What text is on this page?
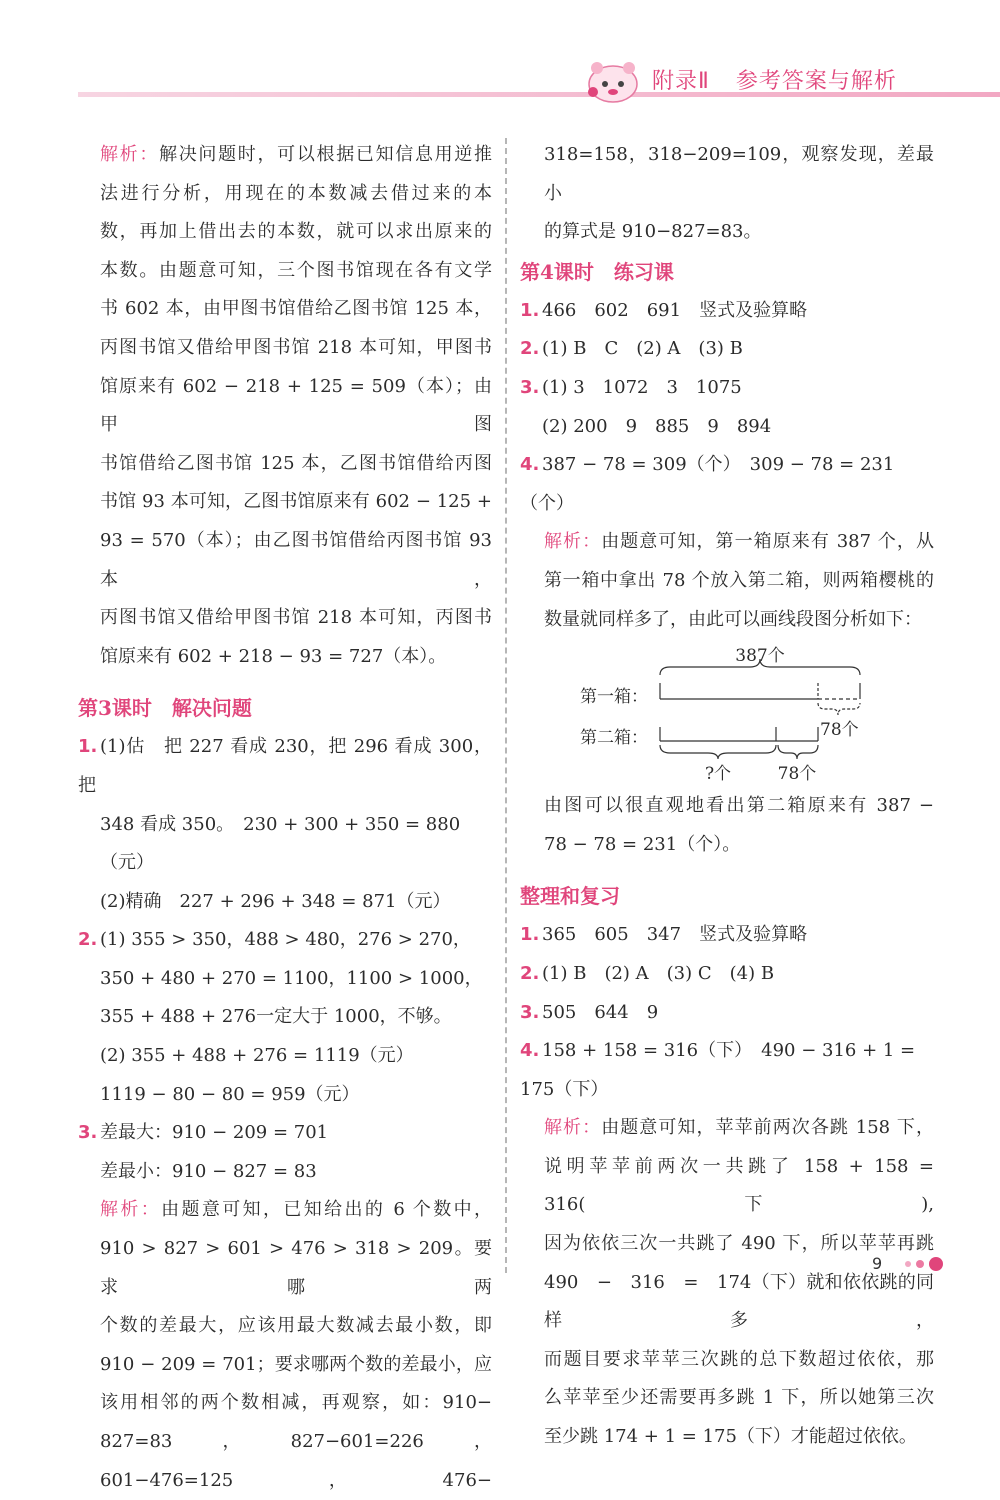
附录Ⅱ 参考答案与解析

解析：解决问题时，可以根据已知信息用逆推

法进行分析，用现在的本数减去借过来的本

数，再加上借出去的本数，就可以求出原来的

本数。由题意可知，三个图书馆现在各有文学

书 602 本，由甲图书馆借给乙图书馆 125 本，

丙图书馆又借给甲图书馆 218 本可知，甲图书

馆原来有 602 − 218 + 125 = 509（本）；由甲图

书馆借给乙图书馆 125 本，乙图书馆借给丙图

书馆 93 本可知，乙图书馆原来有 602 − 125 +

93 = 570（本）；由乙图书馆借给丙图书馆 93 本，

丙图书馆又借给甲图书馆 218 本可知，丙图书

馆原来有 602 + 218 − 93 = 727（本）。

第3课时　解决问题

1. (1)估　把 227 看成 230，把 296 看成 300，把

348 看成 350。　230 + 300 + 350 = 880（元）

(2)精确　227 + 296 + 348 = 871（元）

2. (1) 355 > 350，488 > 480，276 > 270，

350 + 480 + 270 = 1100，1100 > 1000，

355 + 488 + 276一定大于 1000，不够。

(2) 355 + 488 + 276 = 1119（元）

1119 − 80 − 80 = 959（元）

3. 差最大：910 − 209 = 701

差最小：910 − 827 = 83

解析：由题意可知，已知给出的 6 个数中，

910 > 827 > 601 > 476 > 318 > 209。要求哪两

个数的差最大，应该用最大数减去最小数，即

910 − 209 = 701；要求哪两个数的差最小，应

该用相邻的两个数相减，再观察，如：910−

827=83，827−601=226，601−476=125，476−

318=158，318−209=109，观察发现，差最小

的算式是 910−827=83。

第4课时　练习课

1. 466　602　691　竖式及验算略

2. (1) B　C　(2) A　(3) B

3. (1) 3　1072　3　1075

(2) 200　9　885　9　894

4. 387 − 78 = 309（个）　309 − 78 = 231（个）

解析：由题意可知，第一箱原来有 387 个，从

第一箱中拿出 78 个放入第二箱，则两箱樱桃的

数量就同样多了，由此可以画线段图分析如下：

387个
第一箱：
78个
第二箱：
?个	78个

由图可以很直观地看出第二箱原来有 387 −

78 − 78 = 231（个）。

整理和复习

1. 365　605　347　竖式及验算略

2. (1) B　(2) A　(3) C　(4) B

3. 505　644　9

4. 158 + 158 = 316（下）　490 − 316 + 1 = 175（下）

解析：由题意可知，苹苹前两次各跳 158 下，

说明苹苹前两次一共跳了 158 + 158 = 316(下),

因为依依三次一共跳了 490 下，所以苹苹再跳

490　−　316　=　174（下）就和依依跳的同样多，

而题目要求苹苹三次跳的总下数超过依依，那

么苹苹至少还需要再多跳 1 下，所以她第三次

至少跳 174 + 1 = 175（下）才能超过依依。

9
